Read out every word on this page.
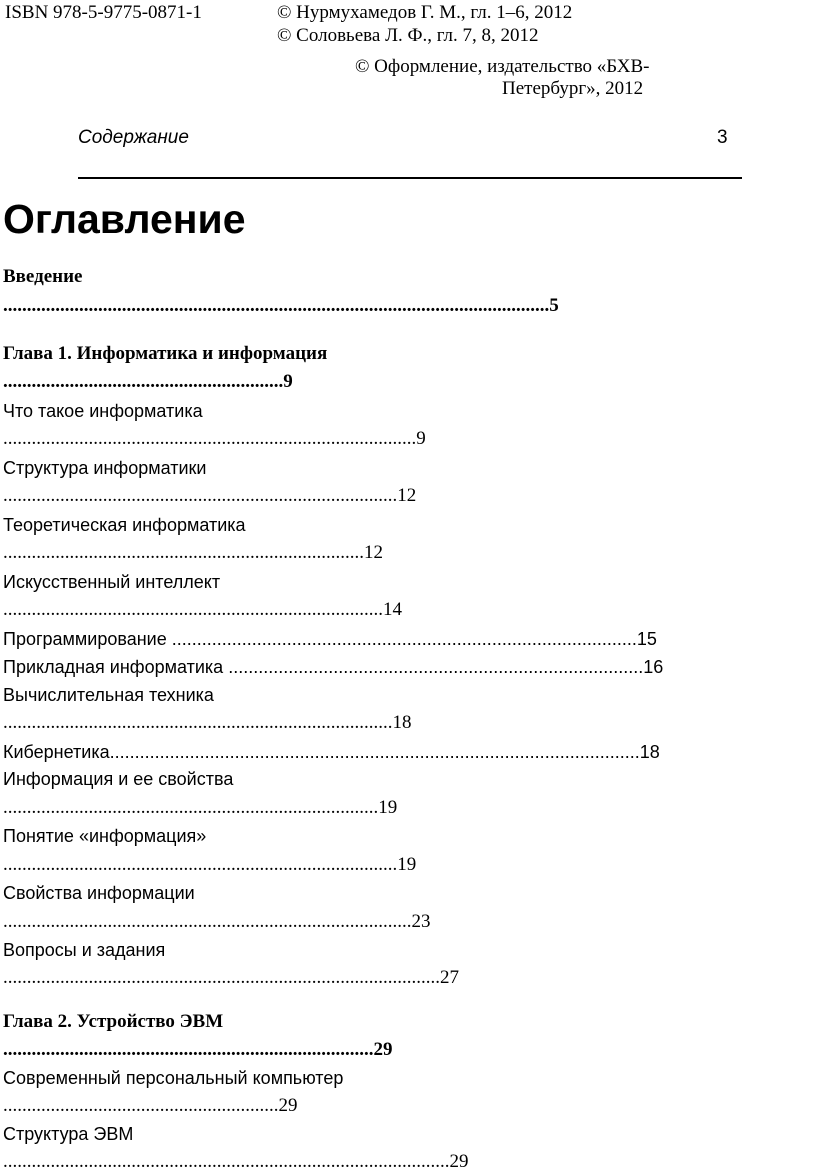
ISBN 978-5-9775-0871-1	© Нурмухамедов Г. М., гл. 1–6, 2012
© Соловьева Л. Ф., гл. 7, 8, 2012
© Оформление, издательство «БХВ-
Петербург», 2012
Содержание	3
Оглавление
Введение
...................................................................................................................5
Глава 1. Информатика и информация
...........................................................9
Что такое информатика
.......................................................................................9
Структура информатики
...................................................................................12
Теоретическая информатика
............................................................................12
Искусственный интеллект
................................................................................14
Программирование .............................................................................................15
Прикладная информатика ...................................................................................16
Вычислительная техника
..................................................................................18
Кибернетика..........................................................................................................18
Информация и ее свойства
...............................................................................19
Понятие «информация»
...................................................................................19
Свойства информации
......................................................................................23
Вопросы и задания
............................................................................................27
Глава 2. Устройство ЭВМ
..............................................................................29
Современный персональный компьютер
..........................................................29
Структура ЭВМ
..............................................................................................29
